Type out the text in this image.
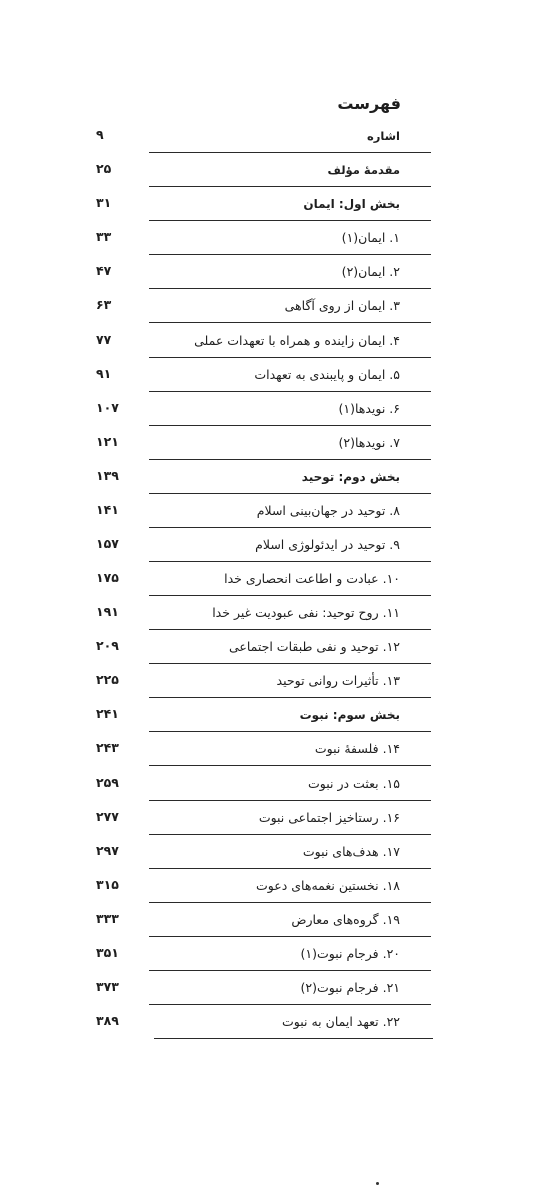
فهرست
اشاره
۹
مقدمهٔ مؤلف
۲۵
بخش اول: ایمان
۳۱
۱. ایمان(۱)
۳۳
۲. ایمان(۲)
۴۷
۳. ایمان از روی آگاهی
۶۳
۴. ایمان زاینده و همراه با تعهدات عملی
۷۷
۵. ایمان و پایبندی به تعهدات
۹۱
۶. نویدها(۱)
۱۰۷
۷. نویدها(۲)
۱۲۱
بخش دوم: توحید
۱۳۹
۸. توحید در جهان‌بینی اسلام
۱۴۱
۹. توحید در ایدئولوژی اسلام
۱۵۷
۱۰. عبادت و اطاعت انحصاری خدا
۱۷۵
۱۱. روح توحید: نفی عبودیت غیر خدا
۱۹۱
۱۲. توحید و نفی طبقات اجتماعی
۲۰۹
۱۳. تأثیرات روانی توحید
۲۲۵
بخش سوم: نبوت
۲۴۱
۱۴. فلسفهٔ نبوت
۲۴۳
۱۵. بعثت در نبوت
۲۵۹
۱۶. رستاخیز اجتماعی نبوت
۲۷۷
۱۷. هدف‌های نبوت
۲۹۷
۱۸. نخستین نغمه‌های دعوت
۳۱۵
۱۹. گروه‌های معارض
۳۳۳
۲۰. فرجام نبوت(۱)
۳۵۱
۲۱. فرجام نبوت(۲)
۳۷۳
۲۲. تعهد ایمان به نبوت
۳۸۹
